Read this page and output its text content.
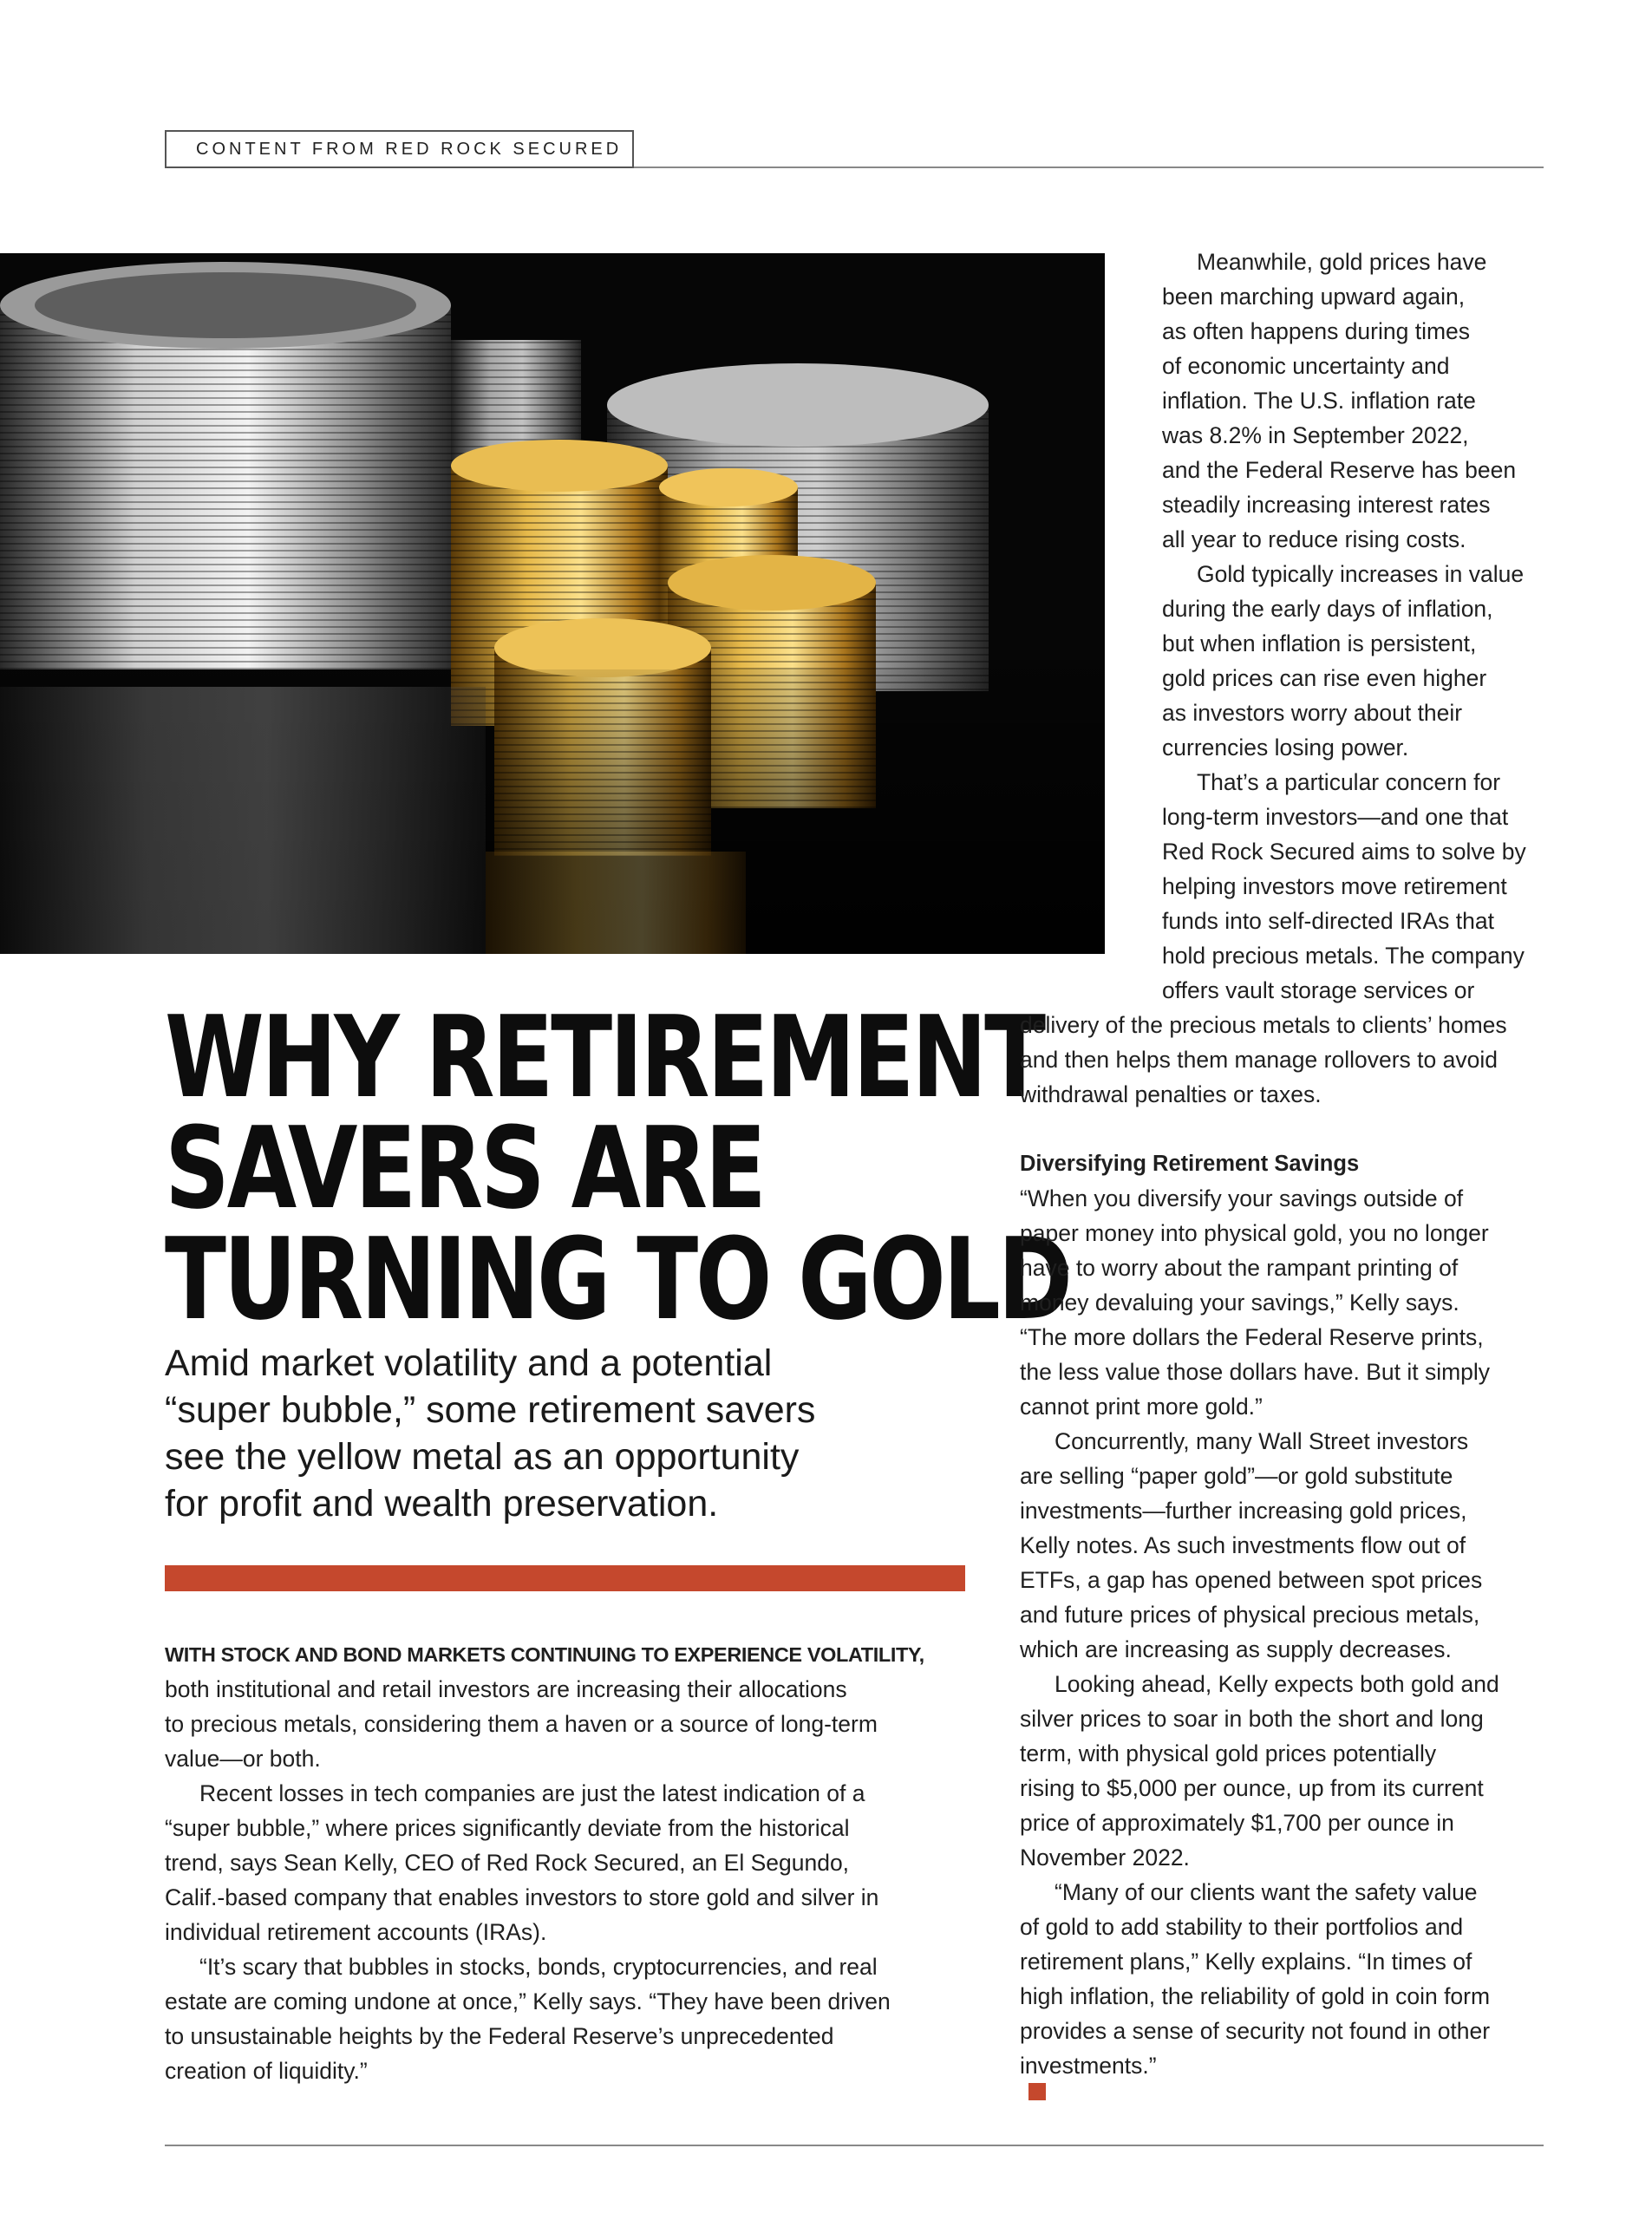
CONTENT FROM RED ROCK SECURED
WHY RETIREMENT
SAVERS ARE
TURNING TO GOLD

Amid market volatility and a potential
“super bubble,” some retirement savers
see the yellow metal as an opportunity
for profit and wealth preservation.

WITH STOCK AND BOND MARKETS CONTINUING TO EXPERIENCE VOLATILITY,
both institutional and retail investors are increasing their allocations
to precious metals, considering them a haven or a source of long-term
value—or both.
Recent losses in tech companies are just the latest indication of a
“super bubble,” where prices significantly deviate from the historical
trend, says Sean Kelly, CEO of Red Rock Secured, an El Segundo,
Calif.-based company that enables investors to store gold and silver in
individual retirement accounts (IRAs).
“It’s scary that bubbles in stocks, bonds, cryptocurrencies, and real
estate are coming undone at once,” Kelly says. “They have been driven
to unsustainable heights by the Federal Reserve’s unprecedented
creation of liquidity.”
Meanwhile, gold prices have
been marching upward again,
as often happens during times
of economic uncertainty and
inflation. The U.S. inflation rate
was 8.2% in September 2022,
and the Federal Reserve has been
steadily increasing interest rates
all year to reduce rising costs.
Gold typically increases in value
during the early days of inflation,
but when inflation is persistent,
gold prices can rise even higher
as investors worry about their
currencies losing power.
That’s a particular concern for
long-term investors—and one that
Red Rock Secured aims to solve by
helping investors move retirement
funds into self-directed IRAs that
hold precious metals. The company
offers vault storage services or
delivery of the precious metals to clients’ homes
and then helps them manage rollovers to avoid
withdrawal penalties or taxes.
Diversifying Retirement Savings
“When you diversify your savings outside of
paper money into physical gold, you no longer
have to worry about the rampant printing of
money devaluing your savings,” Kelly says.
“The more dollars the Federal Reserve prints,
the less value those dollars have. But it simply
cannot print more gold.”
Concurrently, many Wall Street investors
are selling “paper gold”—or gold substitute
investments—further increasing gold prices,
Kelly notes. As such investments flow out of
ETFs, a gap has opened between spot prices
and future prices of physical precious metals,
which are increasing as supply decreases.
Looking ahead, Kelly expects both gold and
silver prices to soar in both the short and long
term, with physical gold prices potentially
rising to $5,000 per ounce, up from its current
price of approximately $1,700 per ounce in
November 2022.
“Many of our clients want the safety value
of gold to add stability to their portfolios and
retirement plans,” Kelly explains. “In times of
high inflation, the reliability of gold in coin form
provides a sense of security not found in other
investments.”
